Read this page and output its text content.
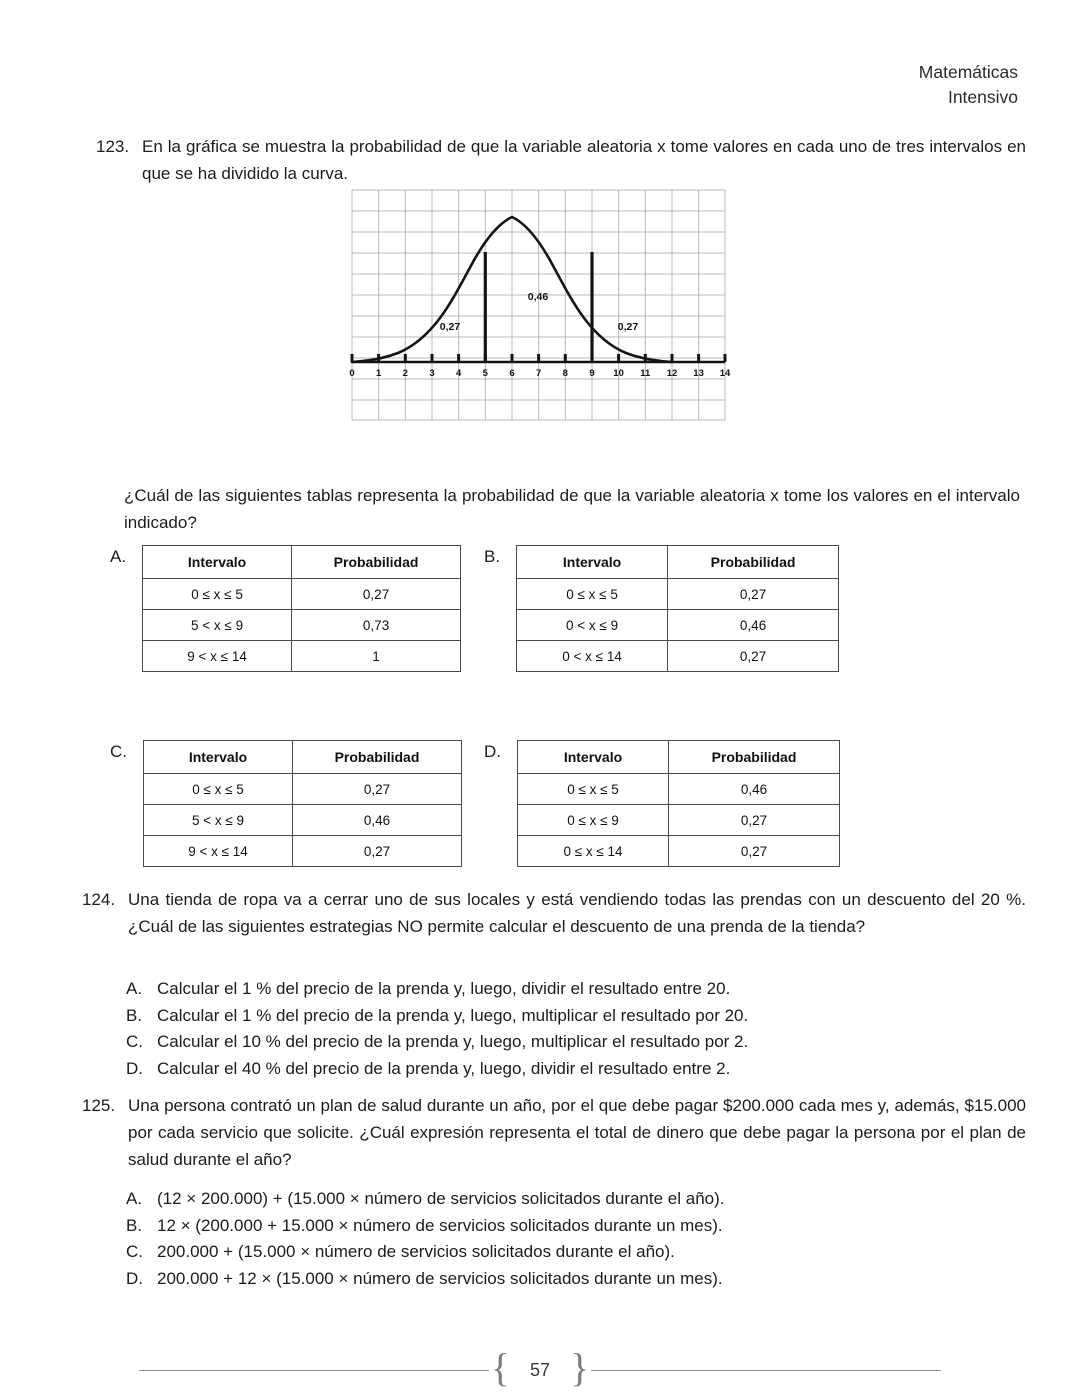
Matemáticas
Intensivo
123. En la gráfica se muestra la probabilidad de que la variable aleatoria x tome valores en cada uno de tres intervalos en que se ha dividido la curva.
0 1 2 3 4 5 6 7 8 9 10 11 12 13 14
0,27
0,46
0,27
¿Cuál de las siguientes tablas representa la probabilidad de que la variable aleatoria x tome los valores en el intervalo indicado?
A.	Intervalo	Probabilidad
0 ≤ x ≤ 5	0,27
5 < x ≤ 9	0,73
9 < x ≤ 14	1
B.	Intervalo	Probabilidad
0 ≤ x ≤ 5	0,27
0 < x ≤ 9	0,46
0 < x ≤ 14	0,27
C.	Intervalo	Probabilidad
0 ≤ x ≤ 5	0,27
5 < x ≤ 9	0,46
9 < x ≤ 14	0,27
D.	Intervalo	Probabilidad
0 ≤ x ≤ 5	0,46
0 ≤ x ≤ 9	0,27
0 ≤ x ≤ 14	0,27
124. Una tienda de ropa va a cerrar uno de sus locales y está vendiendo todas las prendas con un descuento del 20 %. ¿Cuál de las siguientes estrategias NO permite calcular el descuento de una prenda de la tienda?
A. Calcular el 1 % del precio de la prenda y, luego, dividir el resultado entre 20.
B. Calcular el 1 % del precio de la prenda y, luego, multiplicar el resultado por 20.
C. Calcular el 10 % del precio de la prenda y, luego, multiplicar el resultado por 2.
D. Calcular el 40 % del precio de la prenda y, luego, dividir el resultado entre 2.
125. Una persona contrató un plan de salud durante un año, por el que debe pagar $200.000 cada mes y, además, $15.000 por cada servicio que solicite. ¿Cuál expresión representa el total de dinero que debe pagar la persona por el plan de salud durante el año?
A. (12 × 200.000) + (15.000 × número de servicios solicitados durante el año).
B. 12 × (200.000 + 15.000 × número de servicios solicitados durante un mes).
C. 200.000 + (15.000 × número de servicios solicitados durante el año).
D. 200.000 + 12 × (15.000 × número de servicios solicitados durante un mes).
{	57 }
